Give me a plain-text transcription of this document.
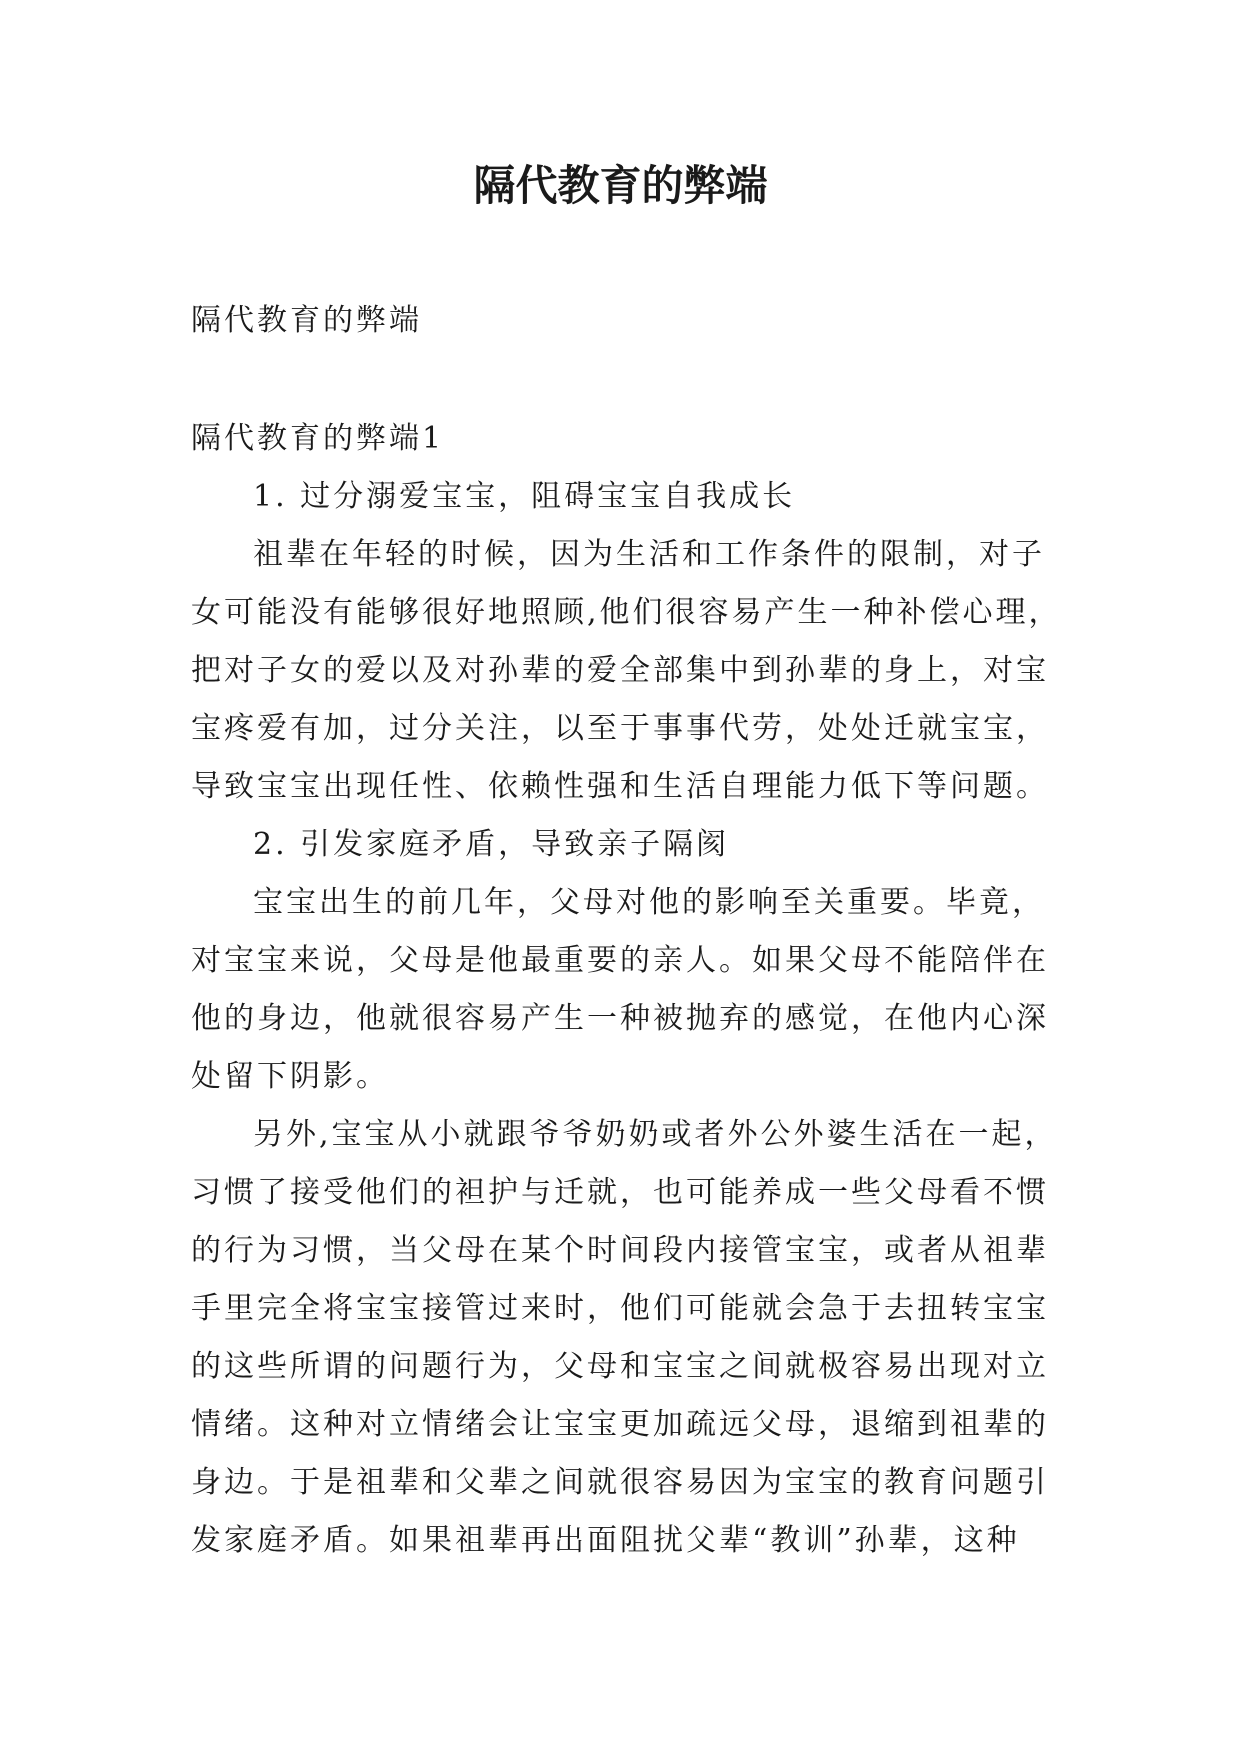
隔代教育的弊端

隔代教育的弊端

隔代教育的弊端1

1. 过分溺爱宝宝，阻碍宝宝自我成长

祖辈在年轻的时候，因为生活和工作条件的限制，对子

女可能没有能够很好地照顾,他们很容易产生一种补偿心理，

把对子女的爱以及对孙辈的爱全部集中到孙辈的身上，对宝

宝疼爱有加，过分关注，以至于事事代劳，处处迁就宝宝，

导致宝宝出现任性、依赖性强和生活自理能力低下等问题。

2. 引发家庭矛盾，导致亲子隔阂

宝宝出生的前几年，父母对他的影响至关重要。毕竟，

对宝宝来说，父母是他最重要的亲人。如果父母不能陪伴在

他的身边，他就很容易产生一种被抛弃的感觉，在他内心深

处留下阴影。

另外,宝宝从小就跟爷爷奶奶或者外公外婆生活在一起，

习惯了接受他们的袒护与迁就，也可能养成一些父母看不惯

的行为习惯，当父母在某个时间段内接管宝宝，或者从祖辈

手里完全将宝宝接管过来时，他们可能就会急于去扭转宝宝

的这些所谓的问题行为，父母和宝宝之间就极容易出现对立

情绪。这种对立情绪会让宝宝更加疏远父母，退缩到祖辈的

身边。于是祖辈和父辈之间就很容易因为宝宝的教育问题引

发家庭矛盾。如果祖辈再出面阻扰父辈“教训”孙辈，这种
